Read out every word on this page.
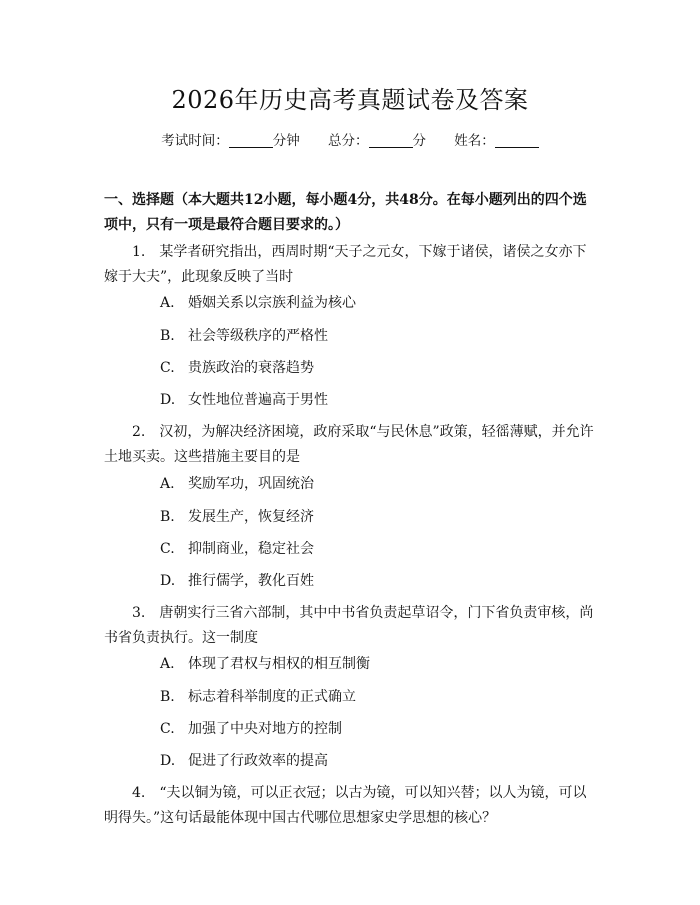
2026年历史高考真题试卷及答案
考试时间：	分钟 总分：	分 姓名：
一、选择题（本大题共12小题，每小题4分，共48分。在每小题列出的四个选项中，只有一项是最符合题目要求的。）
1. 某学者研究指出，西周时期“天子之元女，下嫁于诸侯，诸侯之女亦下嫁于大夫”，此现象反映了当时
A. 婚姻关系以宗族利益为核心
B. 社会等级秩序的严格性
C. 贵族政治的衰落趋势
D. 女性地位普遍高于男性
2. 汉初，为解决经济困境，政府采取“与民休息”政策，轻徭薄赋，并允许土地买卖。这些措施主要目的是
A. 奖励军功，巩固统治
B. 发展生产，恢复经济
C. 抑制商业，稳定社会
D. 推行儒学，教化百姓
3. 唐朝实行三省六部制，其中中书省负责起草诏令，门下省负责审核，尚书省负责执行。这一制度
A. 体现了君权与相权的相互制衡
B. 标志着科举制度的正式确立
C. 加强了中央对地方的控制
D. 促进了行政效率的提高
4. “夫以铜为镜，可以正衣冠；以古为镜，可以知兴替；以人为镜，可以明得失。”这句话最能体现中国古代哪位思想家史学思想的核心？
